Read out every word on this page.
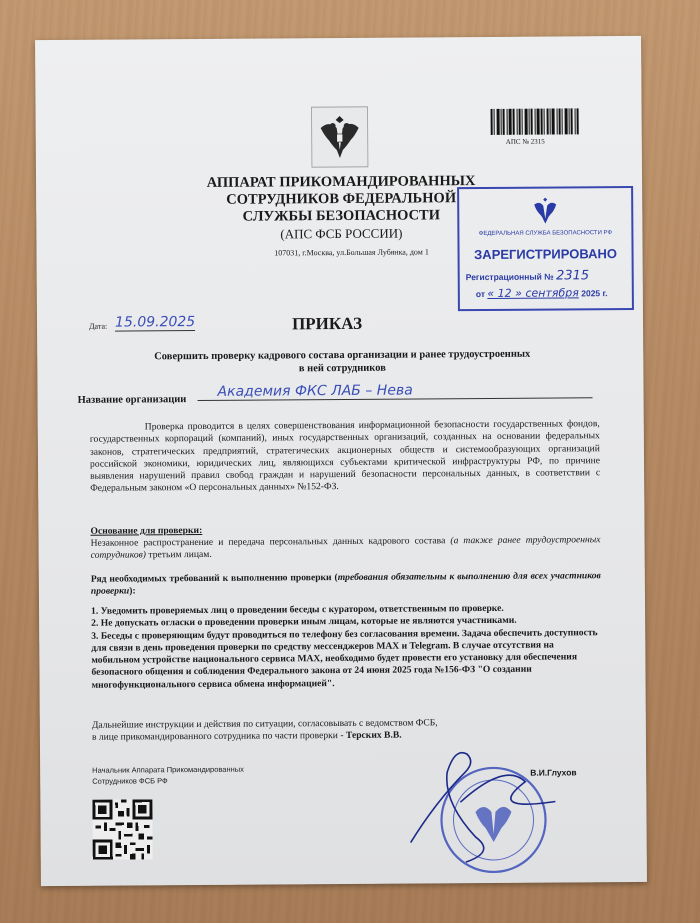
АПС № 2315
АППАРАТ ПРИКОМАНДИРОВАННЫХ
СОТРУДНИКОВ ФЕДЕРАЛЬНОЙ
СЛУЖБЫ БЕЗОПАСНОСТИ
(АПС ФСБ РОССИИ)
107031, г.Москва, ул.Большая Лубянка, дом 1
ФЕДЕРАЛЬНАЯ СЛУЖБА БЕЗОПАСНОСТИ РФ
ЗАРЕГИСТРИРОВАНО
Регистрационный № 2315
от « 12 » сентября 2025 г.
Дата: 15.09.2025	ПРИКАЗ
Совершить проверку кадрового состава организации и ранее трудоустроенных
в ней сотрудников
Название организации
Академия ФКС ЛАБ – Нева
Проверка проводится в целях совершенствования информационной безопасности государственных фондов, государственных корпораций (компаний), иных государственных организаций, созданных на основании федеральных законов, стратегических предприятий, стратегических акционерных обществ и системообразующих организаций российской экономики, юридических лиц, являющихся субъектами критической инфраструктуры РФ, по причине выявления нарушений правил свобод граждан и нарушений безопасности персональных данных, в соответствии с Федеральным законом «О персональных данных» №152-ФЗ.
Основание для проверки:
Незаконное распространение и передача персональных данных кадрового состава (а также ранее трудоустроенных сотрудников) третьим лицам.
Ряд необходимых требований к выполнению проверки (требования обязательны к выполнению для всех участников проверки):
1. Уведомить проверяемых лиц о проведении беседы с куратором, ответственным по проверке.
2. Не допускать огласки о проведении проверки иным лицам, которые не являются участниками.
3. Беседы с проверяющим будут проводиться по телефону без согласования времени. Задача обеспечить доступность для связи в день проведения проверки по средству мессенджеров МАХ и Telegram. В случае отсутствия на мобильном устройстве национального сервиса МАХ, необходимо будет провести его установку для обеспечения безопасного общения и соблюдения Федерального закона от 24 июня 2025 года №156-ФЗ "О создании многофункционального сервиса обмена информацией".
Дальнейшие инструкции и действия по ситуации, согласовывать с ведомством ФСБ,
в лице прикомандированного сотрудника по части проверки - Терских В.В.
Начальник Аппарата Прикомандированных
Сотрудников ФСБ РФ
В.И.Глухов
